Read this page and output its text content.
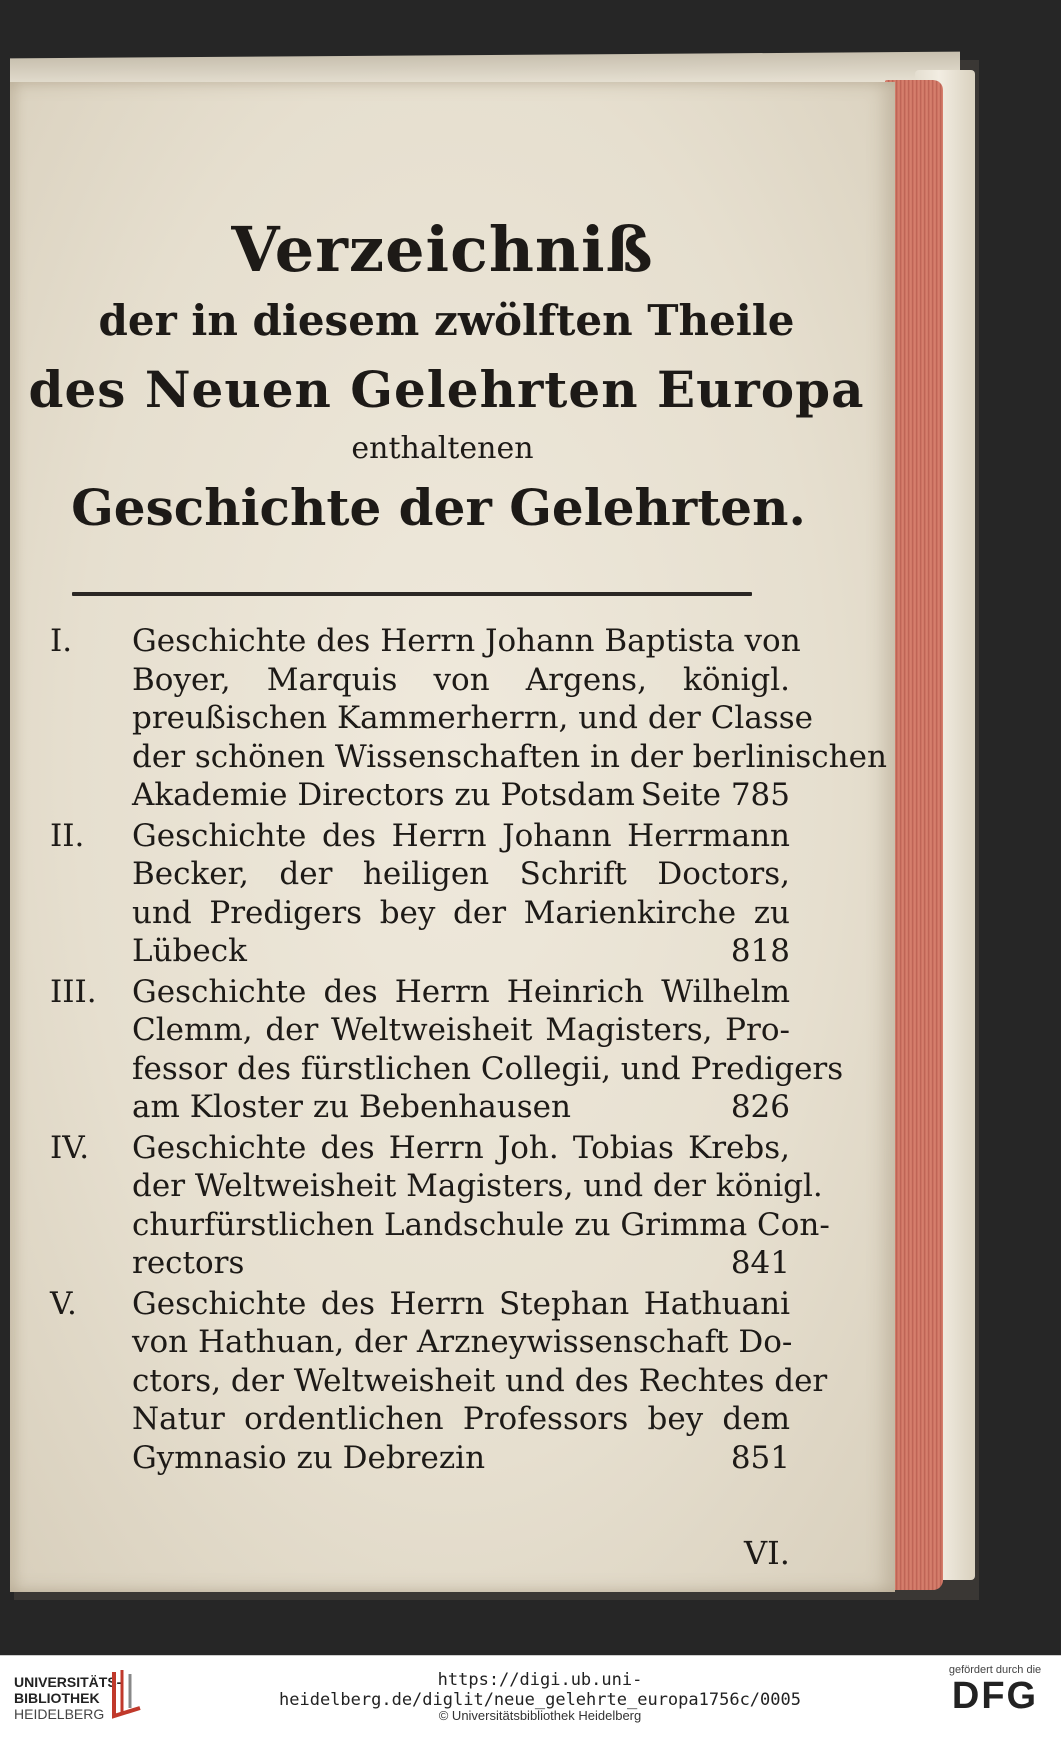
Verzeichniß
der in diesem zwölften Theile
des Neuen Gelehrten Europa
enthaltenen
Geschichte der Gelehrten.
I. Geschichte des Herrn Johann Baptista von
Boyer, Marquis von Argens, königl.
preußischen Kammerherrn, und der Classe
der schönen Wissenschaften in der berlinischen
Akademie Directors zu Potsdam Seite 785
II. Geschichte des Herrn Johann Herrmann
Becker, der heiligen Schrift Doctors,
und Predigers bey der Marienkirche zu
Lübeck	818
III. Geschichte des Herrn Heinrich Wilhelm
Clemm, der Weltweisheit Magisters, Pro-
fessor des fürstlichen Collegii, und Predigers
am Kloster zu Bebenhausen	826
IV. Geschichte des Herrn Joh. Tobias Krebs,
der Weltweisheit Magisters, und der königl.
churfürstlichen Landschule zu Grimma Con-
rectors	841
V. Geschichte des Herrn Stephan Hathuani
von Hathuan, der Arzneywissenschaft Do-
ctors, der Weltweisheit und des Rechtes der
Natur ordentlichen Professors bey dem
Gymnasio zu Debrezin	851
VI.
UNIVERSITÄTS-
BIBLIOTHEK
HEIDELBERG
https://digi.ub.uni-heidelberg.de/diglit/neue_gelehrte_europa1756c/0005
© Universitätsbibliothek Heidelberg
gefördert durch die
DFG
